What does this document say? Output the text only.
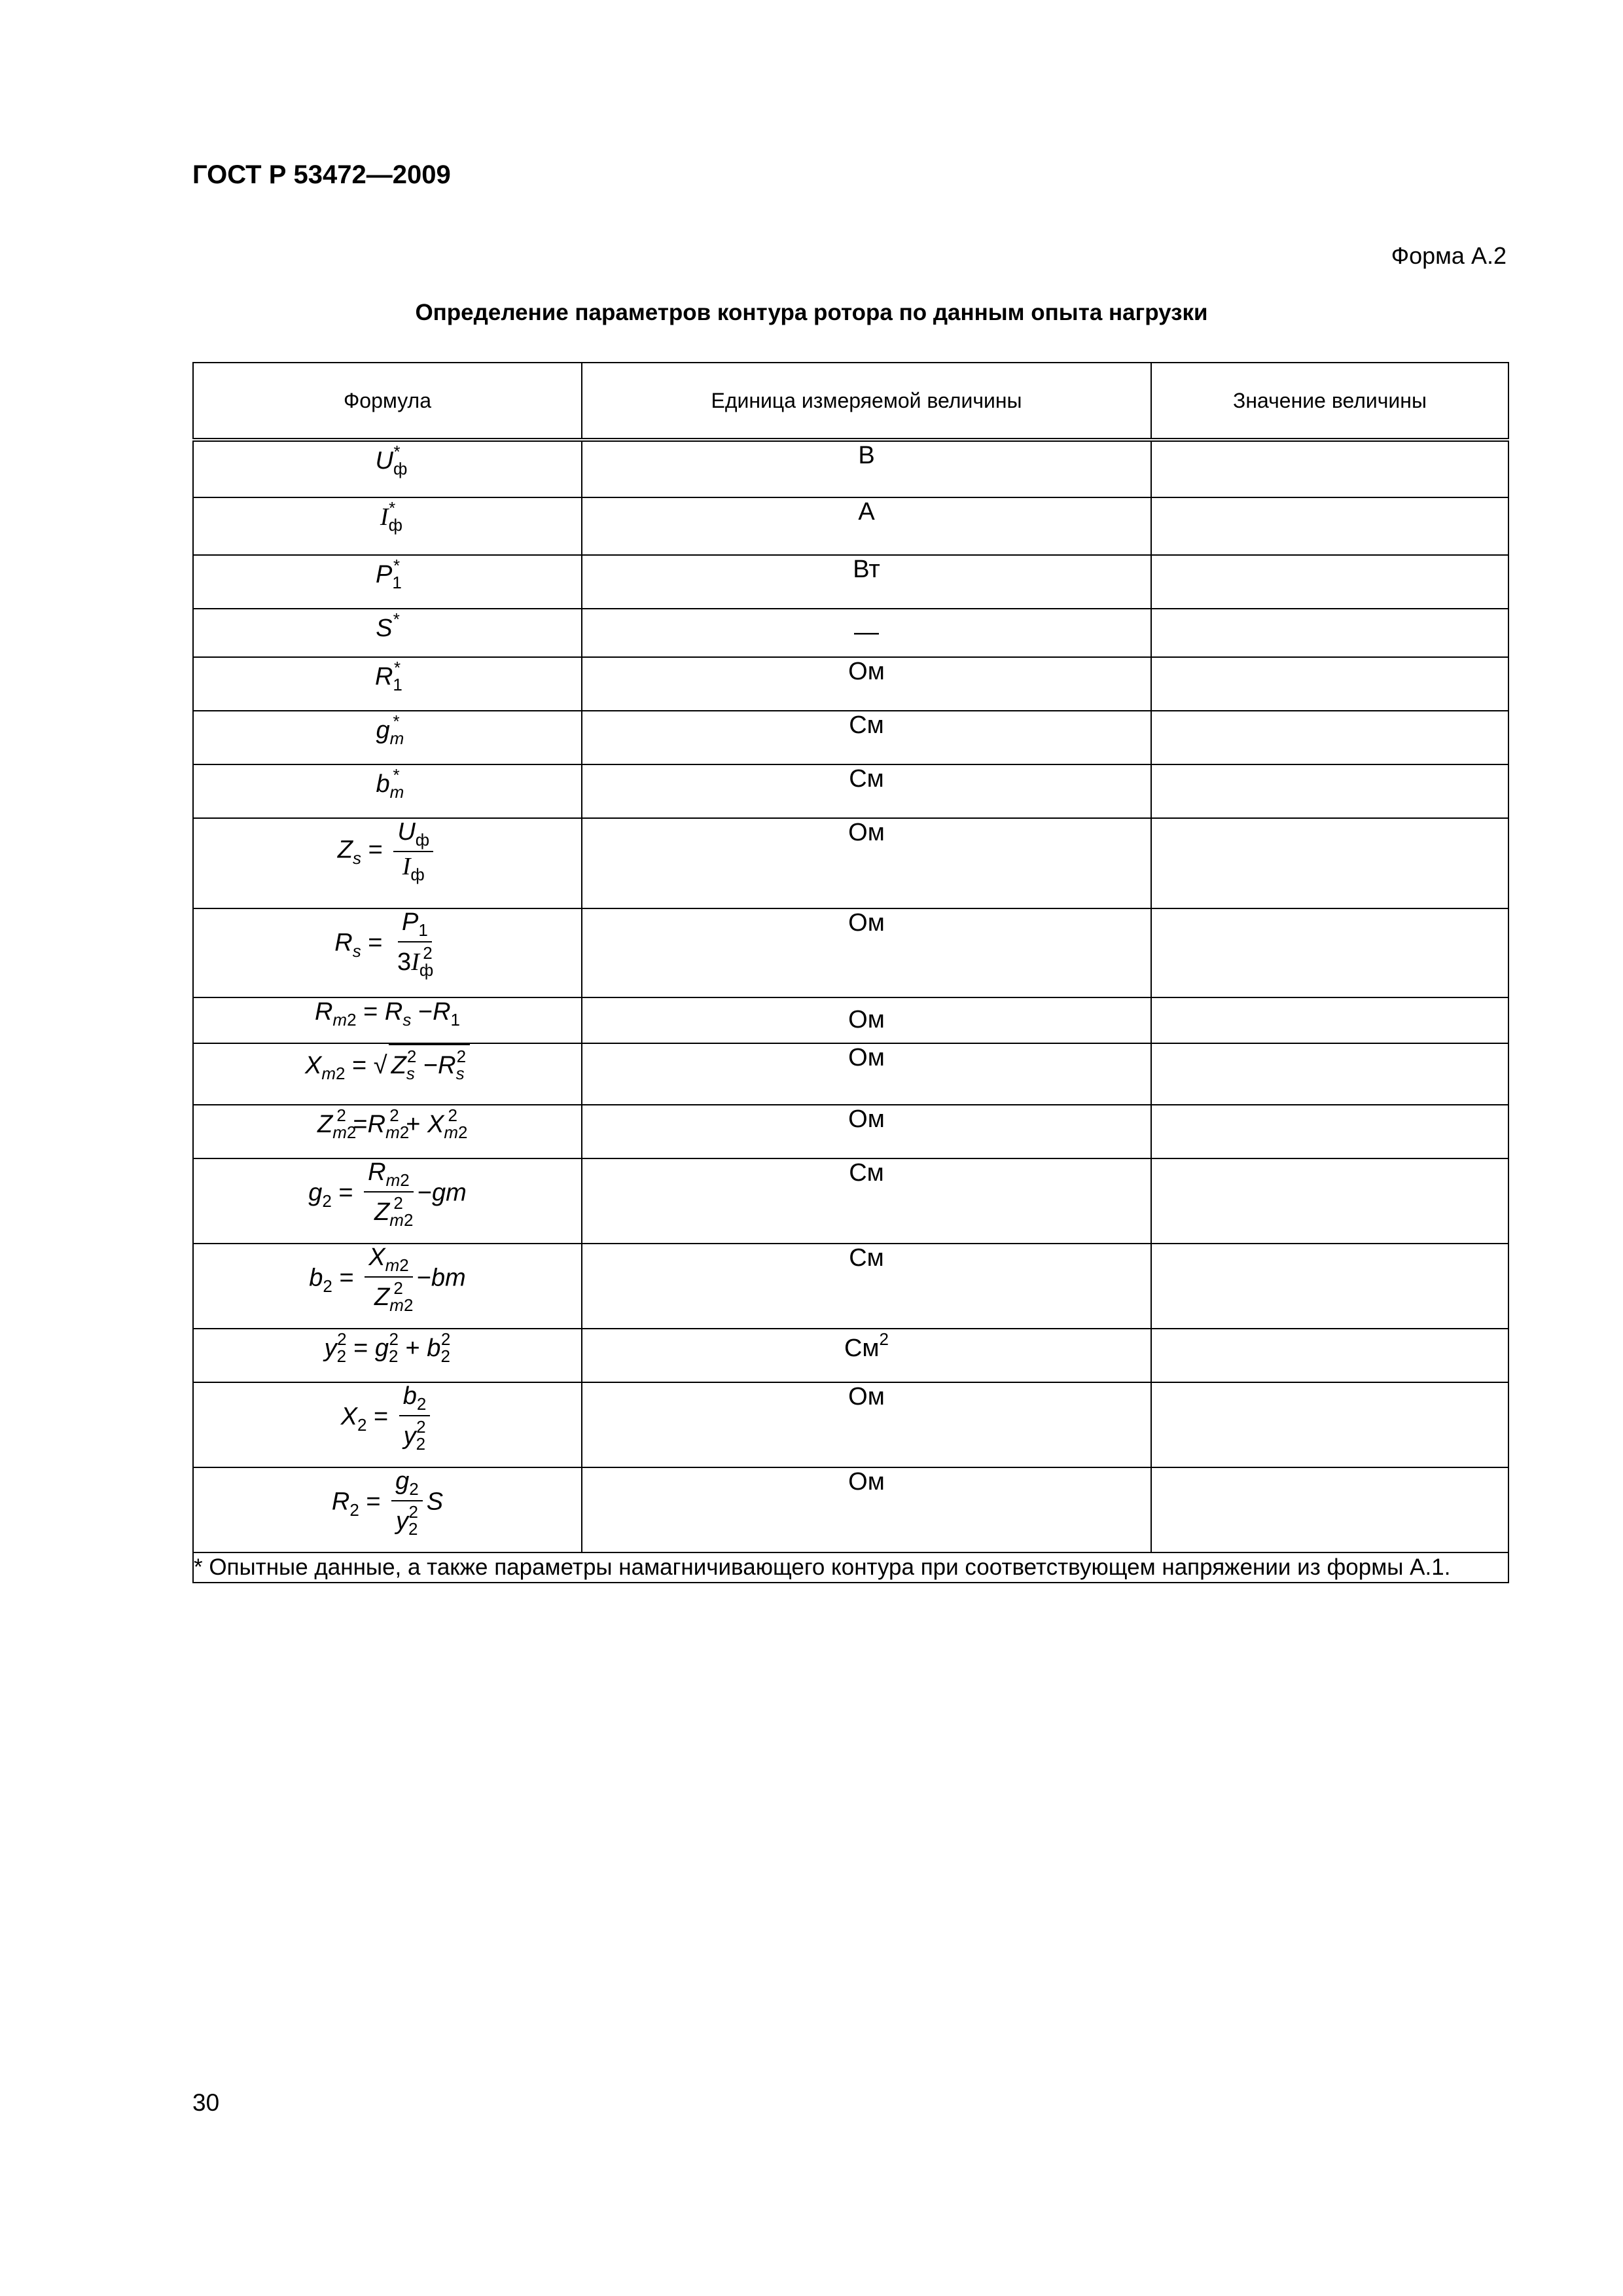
ГОСТ Р 53472—2009
Форма А.2
Определение параметров контура ротора по данным опыта нагрузки
Формула	Единица измеряемой величины	Значение величины
$U_ф^*$	В	
$I_ф^*$	А	
$P_1^*$	Вт	
S*	—	
$R_1^*$	Ом	
$g_m^*$	См	
$b_m^*$	См	
$Z_s = \frac{U_ф}{I_ф}$	Ом	
$R_s = \frac{P_1}{3I_ф^2}$	Ом	
$R_{m2} = R_s -R_1$	Ом	
$X_{m2}$ = √ $Z_s^2 -R_s^2$	Ом	
$Z_{m2}^2 =R_{m2}^2 + X_{m2}^2$	Ом	
$g_2 = \frac{R_{m2}}{Z_{m2}^2} -gm$	См	
$b_2 = \frac{X_{m2}}{Z_{m2}^2} -bm$	См	
$y_2^2 = g_2^2 + b_2^2$	$См^2$	
$X_2 = \frac{b_2}{y_2^2}$	Ом	
$R_2 = \frac{g_2}{y_2^2}$ S	Ом	
* Опытные данные, а также параметры намагничивающего контура при соответствующем напряжении из формы А.1.		
30
